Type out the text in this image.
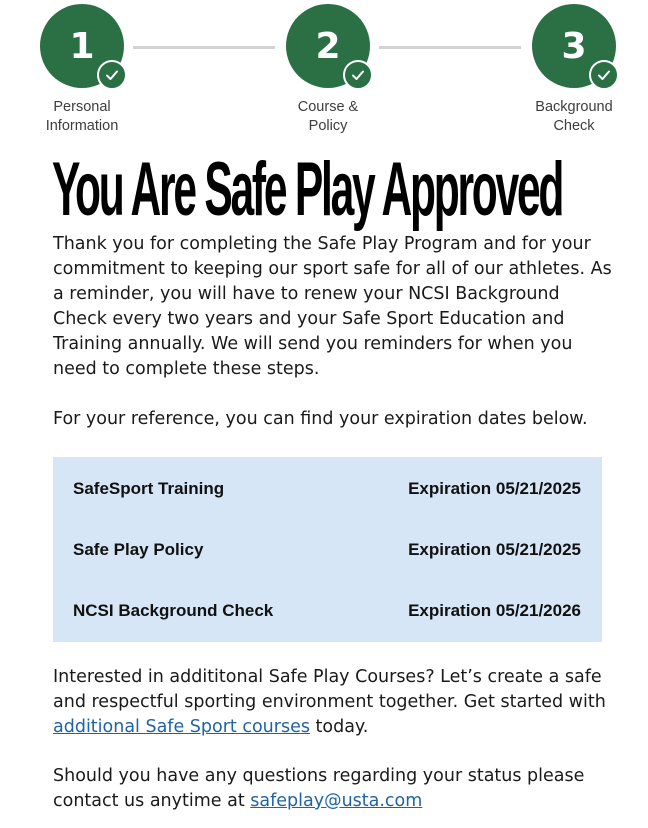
1
Personal
Information
2
Course &
Policy
3
Background
Check
You Are Safe Play Approved

Thank you for completing the Safe Play Program and for your commitment to keeping our sport safe for all of our athletes. As a reminder, you will have to renew your NCSI Background Check every two years and your Safe Sport Education and Training annually. We will send you reminders for when you need to complete these steps.

For your reference, you can find your expiration dates below.

SafeSport Training	Expiration 05/21/2025
Safe Play Policy	Expiration 05/21/2025
NCSI Background Check	Expiration 05/21/2026

Interested in addititonal Safe Play Courses? Let’s create a safe and respectful sporting environment together. Get started with additional Safe Sport courses today.

Should you have any questions regarding your status please contact us anytime at safeplay@usta.com
